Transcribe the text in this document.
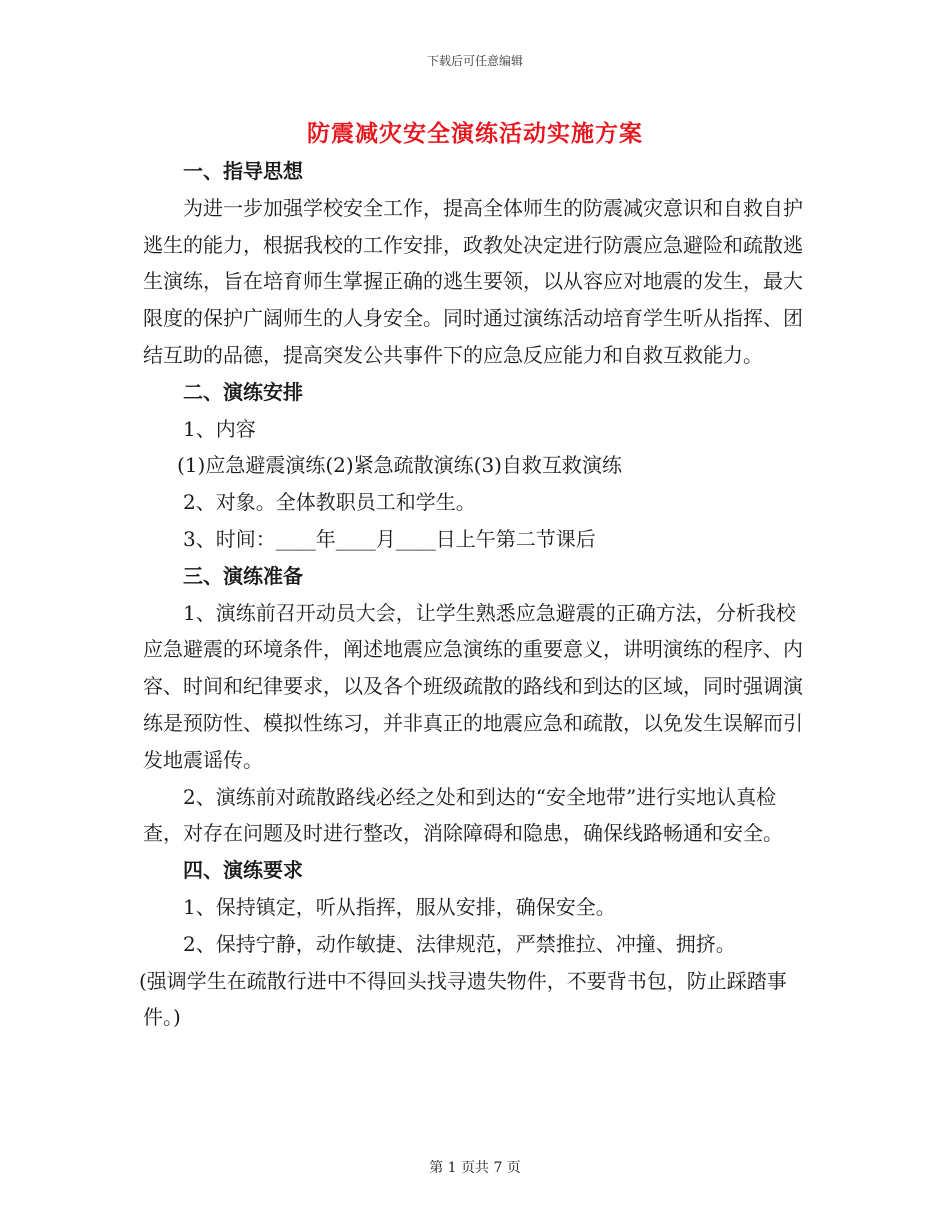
下载后可任意编辑
防震减灾安全演练活动实施方案

一、指导思想

为进一步加强学校安全工作，提高全体师生的防震减灾意识和自救自护逃生的能力，根据我校的工作安排，政教处决定进行防震应急避险和疏散逃生演练，旨在培育师生掌握正确的逃生要领，以从容应对地震的发生，最大限度的保护广阔师生的人身安全。同时通过演练活动培育学生听从指挥、团结互助的品德，提高突发公共事件下的应急反应能力和自救互救能力。

二、演练安排

1、内容

(1)应急避震演练(2)紧急疏散演练(3)自救互救演练

2、对象。全体教职员工和学生。

3、时间：____年____月____日上午第二节课后

三、演练准备

1、演练前召开动员大会，让学生熟悉应急避震的正确方法，分析我校应急避震的环境条件，阐述地震应急演练的重要意义，讲明演练的程序、内容、时间和纪律要求，以及各个班级疏散的路线和到达的区域，同时强调演练是预防性、模拟性练习，并非真正的地震应急和疏散，以免发生误解而引发地震谣传。

2、演练前对疏散路线必经之处和到达的“安全地带”进行实地认真检查，对存在问题及时进行整改，消除障碍和隐患，确保线路畅通和安全。

四、演练要求

1、保持镇定，听从指挥，服从安排，确保安全。

2、保持宁静，动作敏捷、法律规范，严禁推拉、冲撞、拥挤。

(强调学生在疏散行进中不得回头找寻遗失物件，不要背书包，防止踩踏事件。)

第 1 页共 7 页
